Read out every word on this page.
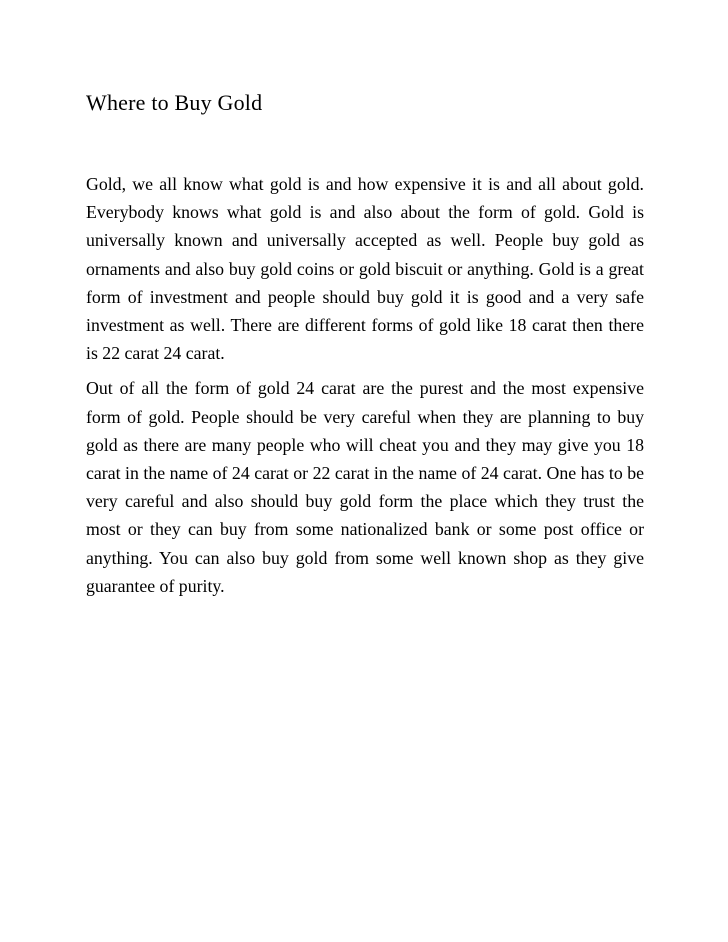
Where to Buy Gold

Gold, we all know what gold is and how expensive it is and all about gold. Everybody knows what gold is and also about the form of gold. Gold is universally known and universally accepted as well. People buy gold as ornaments and also buy gold coins or gold biscuit or anything. Gold is a great form of investment and people should buy gold it is good and a very safe investment as well. There are different forms of gold like 18 carat then there is 22 carat 24 carat.

Out of all the form of gold 24 carat are the purest and the most expensive form of gold. People should be very careful when they are planning to buy gold as there are many people who will cheat you and they may give you 18 carat in the name of 24 carat or 22 carat in the name of 24 carat. One has to be very careful and also should buy gold form the place which they trust the most or they can buy from some nationalized bank or some post office or anything. You can also buy gold from some well known shop as they give guarantee of purity.
